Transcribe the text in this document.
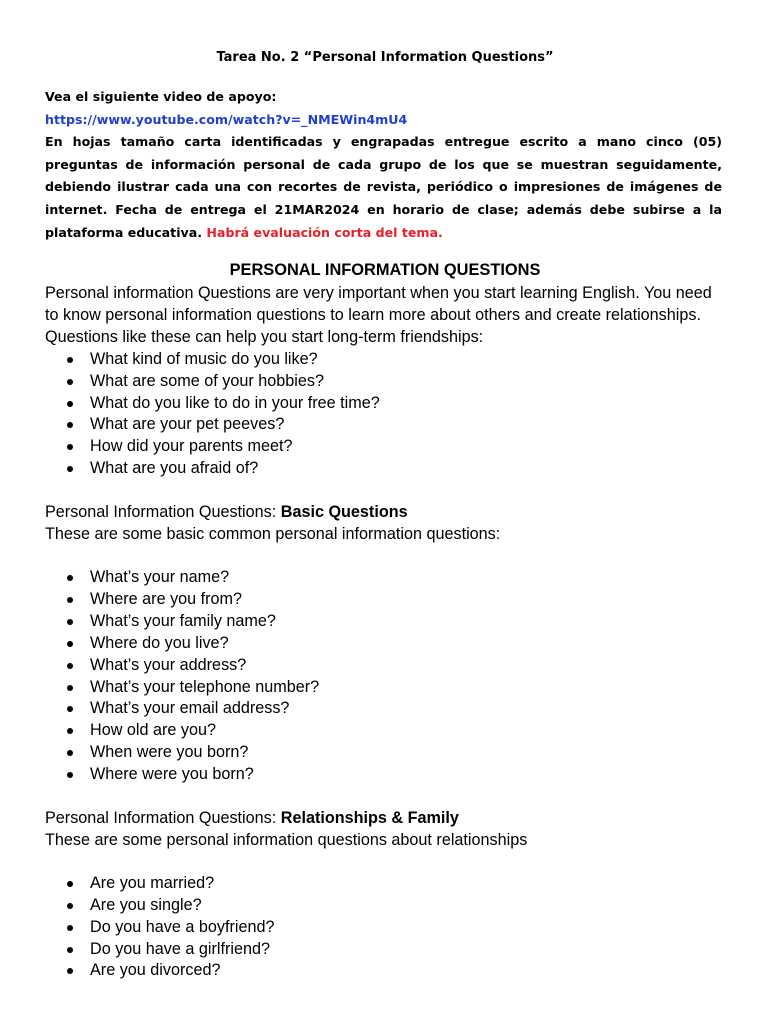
Tarea No. 2 “Personal Information Questions”

Vea el siguiente video de apoyo:

https://www.youtube.com/watch?v=_NMEWin4mU4

En hojas tamaño carta identificadas y engrapadas entregue escrito a mano cinco (05) preguntas de información personal de cada grupo de los que se muestran seguidamente, debiendo ilustrar cada una con recortes de revista, periódico o impresiones de imágenes de internet. Fecha de entrega el 21MAR2024 en horario de clase; además debe subirse a la plataforma educativa. Habrá evaluación corta del tema.

PERSONAL INFORMATION QUESTIONS

Personal information Questions are very important when you start learning English. You need to know personal information questions to learn more about others and create relationships. Questions like these can help you start long-term friendships:

What kind of music do you like?
What are some of your hobbies?
What do you like to do in your free time?
What are your pet peeves?
How did your parents meet?
What are you afraid of?

Personal Information Questions: Basic Questions

These are some basic common personal information questions:

What’s your name?
Where are you from?
What’s your family name?
Where do you live?
What’s your address?
What’s your telephone number?
What’s your email address?
How old are you?
When were you born?
Where were you born?

Personal Information Questions: Relationships & Family

These are some personal information questions about relationships

Are you married?
Are you single?
Do you have a boyfriend?
Do you have a girlfriend?
Are you divorced?
